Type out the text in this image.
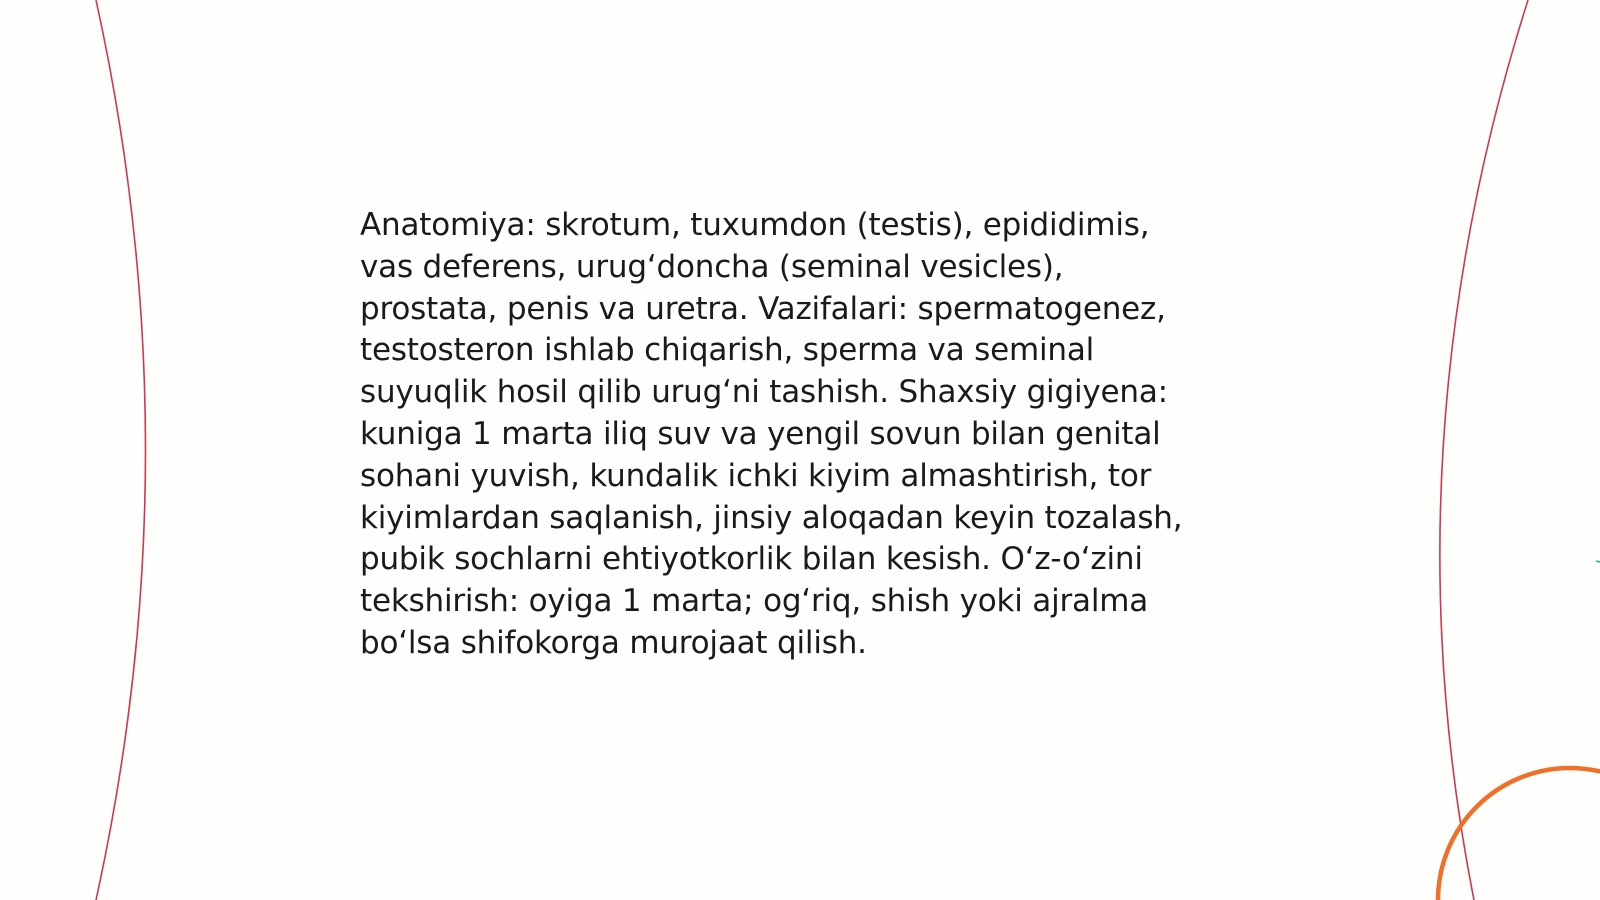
Anatomiya: skrotum, tuxumdon (testis), epididimis,
vas deferens, urug‘doncha (seminal vesicles),
prostata, penis va uretra. Vazifalari: spermatogenez,
testosteron ishlab chiqarish, sperma va seminal
suyuqlik hosil qilib urug‘ni tashish. Shaxsiy gigiyena:
kuniga 1 marta iliq suv va yengil sovun bilan genital
sohani yuvish, kundalik ichki kiyim almashtirish, tor
kiyimlardan saqlanish, jinsiy aloqadan keyin tozalash,
pubik sochlarni ehtiyotkorlik bilan kesish. O‘z-o‘zini
tekshirish: oyiga 1 marta; og‘riq, shish yoki ajralma
bo‘lsa shifokorga murojaat qilish.
